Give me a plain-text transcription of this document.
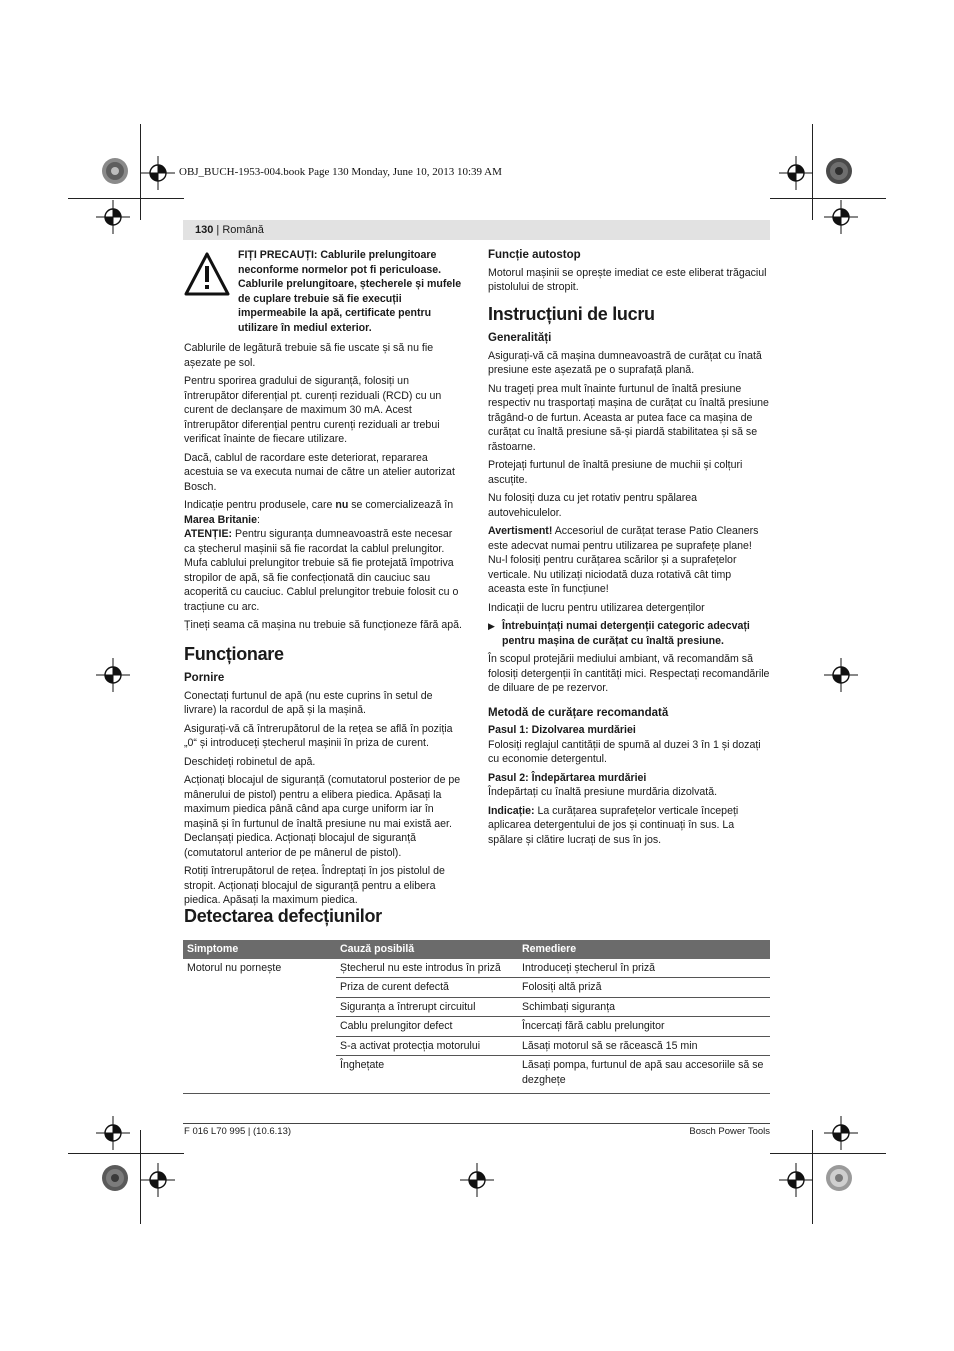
OBJ_BUCH-1953-004.book Page 130 Monday, June 10, 2013 10:39 AM
130 | Română
FIȚI PRECAUȚI: Cablurile prelungitoare neconforme normelor pot fi periculoase. Cablurile prelungitoare, ștecherele și mufele de cuplare trebuie să fie execuții impermeabile la apă, certificate pentru utilizare în mediul exterior.

Cablurile de legătură trebuie să fie uscate și să nu fie așezate pe sol.

Pentru sporirea gradului de siguranță, folosiți un întrerupător diferențial pt. curenți reziduali (RCD) cu un curent de declanșare de maximum 30 mA. Acest întrerupător diferențial pentru curenți reziduali ar trebui verificat înainte de fiecare utilizare.

Dacă, cablul de racordare este deteriorat, repararea acestuia se va executa numai de către un atelier autorizat Bosch.

Indicație pentru produsele, care nu se comercializează în Marea Britanie:

ATENȚIE: Pentru siguranța dumneavoastră este necesar ca ștecherul mașinii să fie racordat la cablul prelungitor. Mufa cablului prelungitor trebuie să fie protejată împotriva stropilor de apă, să fie confecționată din cauciuc sau acoperită cu cauciuc. Cablul prelungitor trebuie folosit cu o tracțiune cu arc.

Țineți seama că mașina nu trebuie să funcționeze fără apă.

Funcționare
Pornire

Conectați furtunul de apă (nu este cuprins în setul de livrare) la racordul de apă și la mașină.

Asigurați-vă că întrerupătorul de la rețea se află în poziția „0“ și introduceți ștecherul mașinii în priza de curent.

Deschideți robinetul de apă.

Acționați blocajul de siguranță (comutatorul posterior de pe mânerului de pistol) pentru a elibera piedica. Apăsați la maximum piedica până când apa curge uniform iar în mașină și în furtunul de înaltă presiune nu mai există aer. Declanșați piedica. Acționați blocajul de siguranță (comutatorul anterior de pe mânerul de pistol).

Rotiți întrerupătorul de rețea. Îndreptați în jos pistolul de stropit. Acționați blocajul de siguranță pentru a elibera piedica. Apăsați la maximum piedica.

Funcție autostop

Motorul mașinii se oprește imediat ce este eliberat trăgaciul pistolului de stropit.

Instrucțiuni de lucru
Generalități

Asigurați-vă că mașina dumneavoastră de curățat cu înată presiune este așezată pe o suprafață plană.

Nu trageți prea mult înainte furtunul de înaltă presiune respectiv nu trasportați mașina de curățat cu înaltă presiune trăgând-o de furtun. Aceasta ar putea face ca mașina de curățat cu înaltă presiune să-și piardă stabilitatea și să se răstoarne.

Protejați furtunul de înaltă presiune de muchii și colțuri ascuțite.

Nu folosiți duza cu jet rotativ pentru spălarea autovehiculelor.

Avertisment! Accesoriul de curățat terase Patio Cleaners este adecvat numai pentru utilizarea pe suprafețe plane! Nu-l folosiți pentru curățarea scărilor și a suprafețelor verticale. Nu utilizați niciodată duza rotativă cât timp aceasta este în funcțiune!

Indicații de lucru pentru utilizarea detergenților

▶ Întrebuințați numai detergenții categoric adecvați pentru mașina de curățat cu înaltă presiune.

În scopul protejării mediului ambiant, vă recomandăm să folosiți detergenții în cantități mici. Respectați recomandările de diluare de pe rezervor.

Metodă de curățare recomandată
Pasul 1: Dizolvarea murdăriei

Folosiți reglajul cantității de spumă al duzei 3 în 1 și dozați cu economie detergentul.

Pasul 2: Îndepărtarea murdăriei

Îndepărtați cu înaltă presiune murdăria dizolvată.

Indicație: La curățarea suprafețelor verticale începeți aplicarea detergentului de jos și continuați în sus. La spălare și clătire lucrați de sus în jos.

Detectarea defecțiunilor
Simptome	Cauză posibilă	Remediere
Motorul nu pornește	Ștecherul nu este introdus în priză	Introduceți ștecherul în priză
	Priza de curent defectă	Folosiți altă priză
	Siguranța a întrerupt circuitul	Schimbați siguranța
	Cablu prelungitor defect	Încercați fără cablu prelungitor
	S-a activat protecția motorului	Lăsați motorul să se răcească 15 min
	Înghețate	Lăsați pompa, furtunul de apă sau accesoriile să se dezghețe
F 016 L70 995 | (10.6.13)	Bosch Power Tools
